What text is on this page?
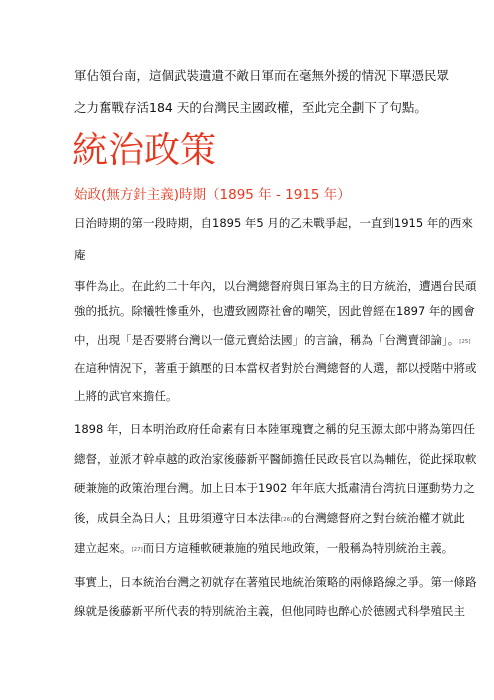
軍佔領台南，這個武裝遺遺不敵日軍而在毫無外援的情況下單憑民眾
之力奮戰存活184 天的台灣民主國政權，至此完全劃下了句點。
統治政策
始政(無方針主義)時期（1895 年 - 1915 年）
日治時期的第一段時期，自1895 年5 月的乙未戰爭起，一直到1915 年的西來
庵
事件為止。在此約二十年內，以台灣總督府與日軍為主的日方統治，遭遇台民頑
強的抵抗。除犧牲慘重外，也遭致國際社會的嘲笑，因此曾經在1897 年的國會
中，出現「是否要將台灣以一億元賣給法國」的言論，稱為「台灣賣卻論」。[25]
在這种情況下，著重于鎮壓的日本當权者對於台灣總督的人選，都以授階中將或
上將的武官來擔任。
1898 年，日本明治政府任命素有日本陸軍瑰寶之稱的兒玉源太郎中將為第四任
總督，並派才幹卓越的政治家後藤新平醫師擔任民政長官以為輔佐，從此採取軟
硬兼施的政策治理台灣。加上日本于1902 年年底大抵肅清台湾抗日運動势力之
後，成員全為日人；且毋須遵守日本法律[26]的台灣總督府之對台統治權才就此
建立起來。[27]而日方這種軟硬兼施的殖民地政策，一般稱為特別統治主義。
事實上，日本統治台灣之初就存在著殖民地統治策略的兩條路線之爭。第一條路
線就是後藤新平所代表的特別統治主義，但他同時也醉心於德國式科學殖民主
